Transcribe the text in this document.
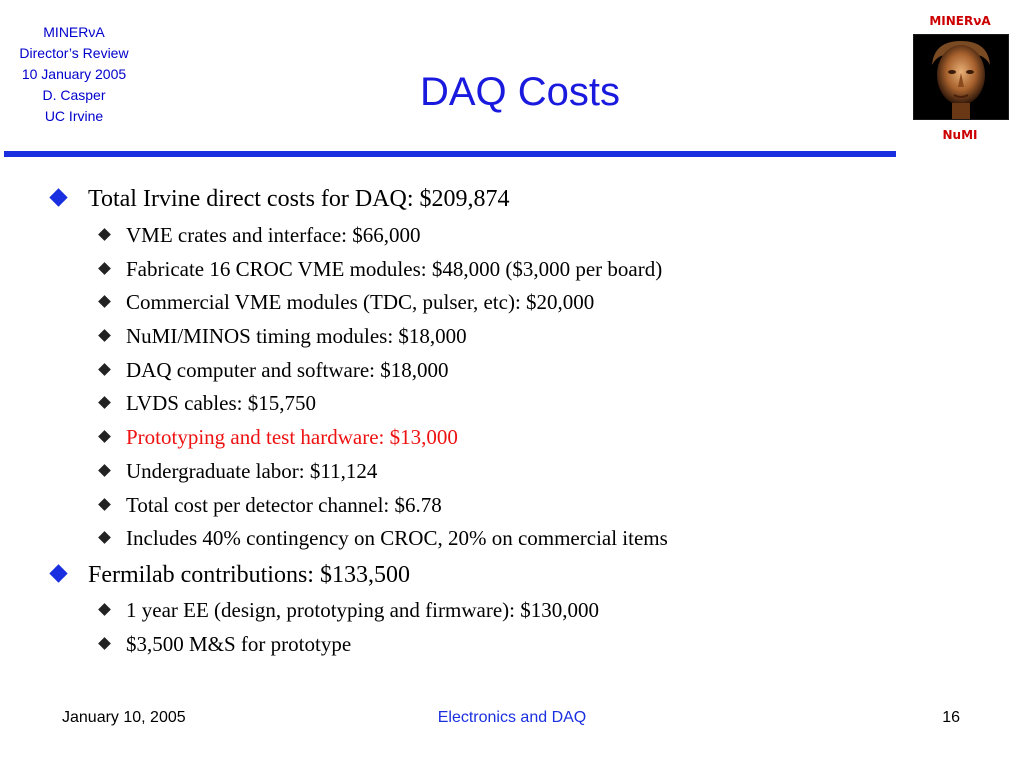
MINERνA
Director’s Review
10 January 2005
D. Casper
UC Irvine
DAQ Costs
MINERνA
NuMI
Total Irvine direct costs for DAQ: $209,874
VME crates and interface: $66,000
Fabricate 16 CROC VME modules: $48,000 ($3,000 per board)
Commercial VME modules (TDC, pulser, etc): $20,000
NuMI/MINOS timing modules: $18,000
DAQ computer and software: $18,000
LVDS cables: $15,750
Prototyping and test hardware: $13,000
Undergraduate labor: $11,124
Total cost per detector channel: $6.78
Includes 40% contingency on CROC, 20% on commercial items
Fermilab contributions: $133,500
1 year EE (design, prototyping and firmware): $130,000
$3,500 M&S for prototype
January 10, 2005	Electronics and DAQ	16
